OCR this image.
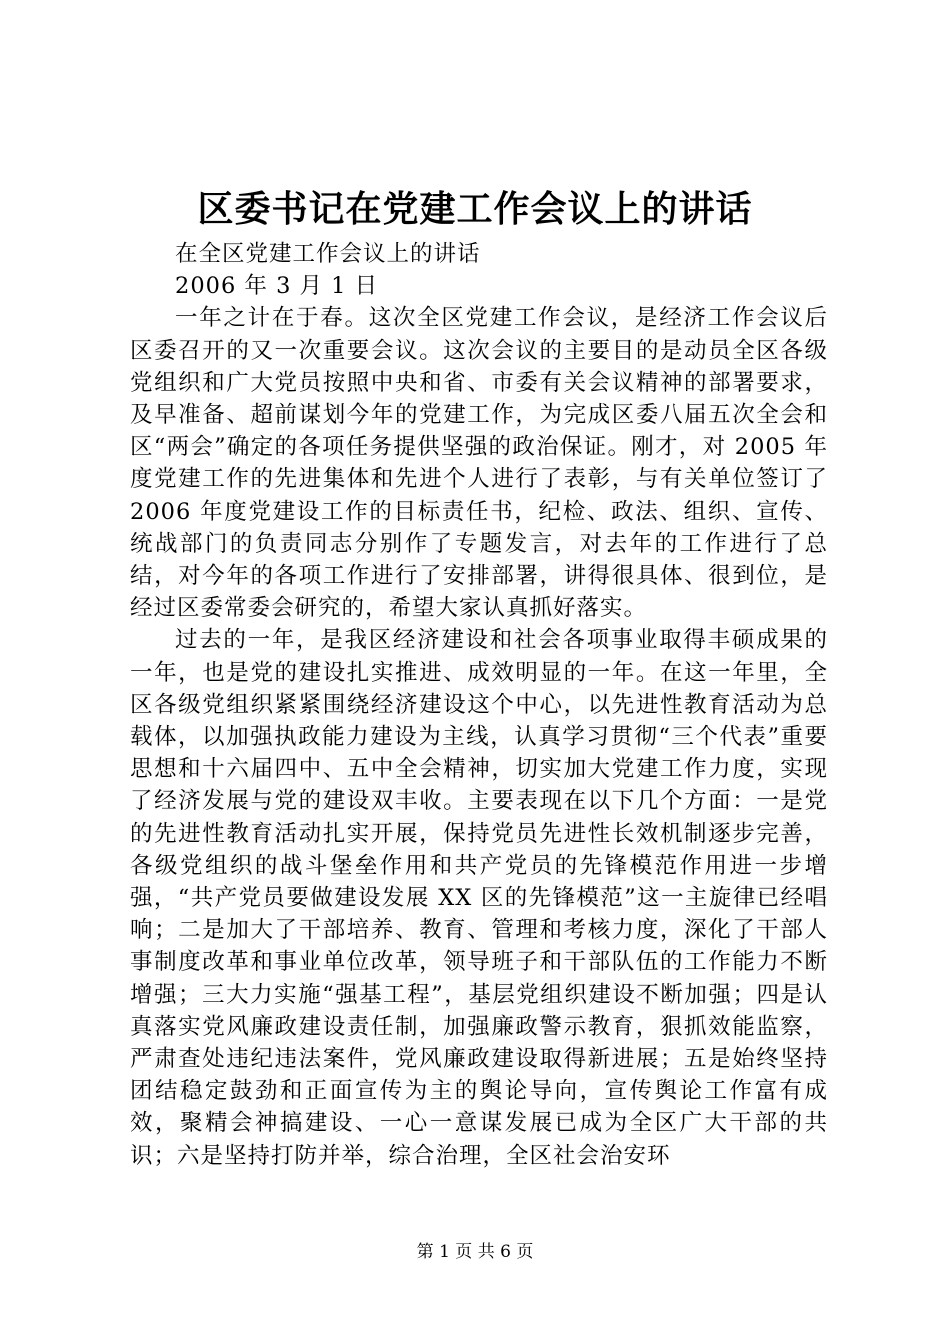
区委书记在党建工作会议上的讲话

在全区党建工作会议上的讲话

2006 年 3 月 1 日

一年之计在于春。这次全区党建工作会议，是经济工作会议后区委召开的又一次重要会议。这次会议的主要目的是动员全区各级党组织和广大党员按照中央和省、市委有关会议精神的部署要求，及早准备、超前谋划今年的党建工作，为完成区委八届五次全会和区“两会”确定的各项任务提供坚强的政治保证。刚才，对 2005 年度党建工作的先进集体和先进个人进行了表彰，与有关单位签订了 2006 年度党建设工作的目标责任书，纪检、政法、组织、宣传、统战部门的负责同志分别作了专题发言，对去年的工作进行了总结，对今年的各项工作进行了安排部署，讲得很具体、很到位，是经过区委常委会研究的，希望大家认真抓好落实。

过去的一年，是我区经济建设和社会各项事业取得丰硕成果的一年，也是党的建设扎实推进、成效明显的一年。在这一年里，全区各级党组织紧紧围绕经济建设这个中心，以先进性教育活动为总载体，以加强执政能力建设为主线，认真学习贯彻“三个代表”重要思想和十六届四中、五中全会精神，切实加大党建工作力度，实现了经济发展与党的建设双丰收。主要表现在以下几个方面：一是党的先进性教育活动扎实开展，保持党员先进性长效机制逐步完善，各级党组织的战斗堡垒作用和共产党员的先锋模范作用进一步增强，“共产党员要做建设发展 XX 区的先锋模范”这一主旋律已经唱响；二是加大了干部培养、教育、管理和考核力度，深化了干部人事制度改革和事业单位改革，领导班子和干部队伍的工作能力不断增强；三大力实施“强基工程”，基层党组织建设不断加强；四是认真落实党风廉政建设责任制，加强廉政警示教育，狠抓效能监察，严肃查处违纪违法案件，党风廉政建设取得新进展；五是始终坚持团结稳定鼓劲和正面宣传为主的舆论导向，宣传舆论工作富有成效，聚精会神搞建设、一心一意谋发展已成为全区广大干部的共识；六是坚持打防并举，综合治理，全区社会治安环

第 1 页 共 6 页
